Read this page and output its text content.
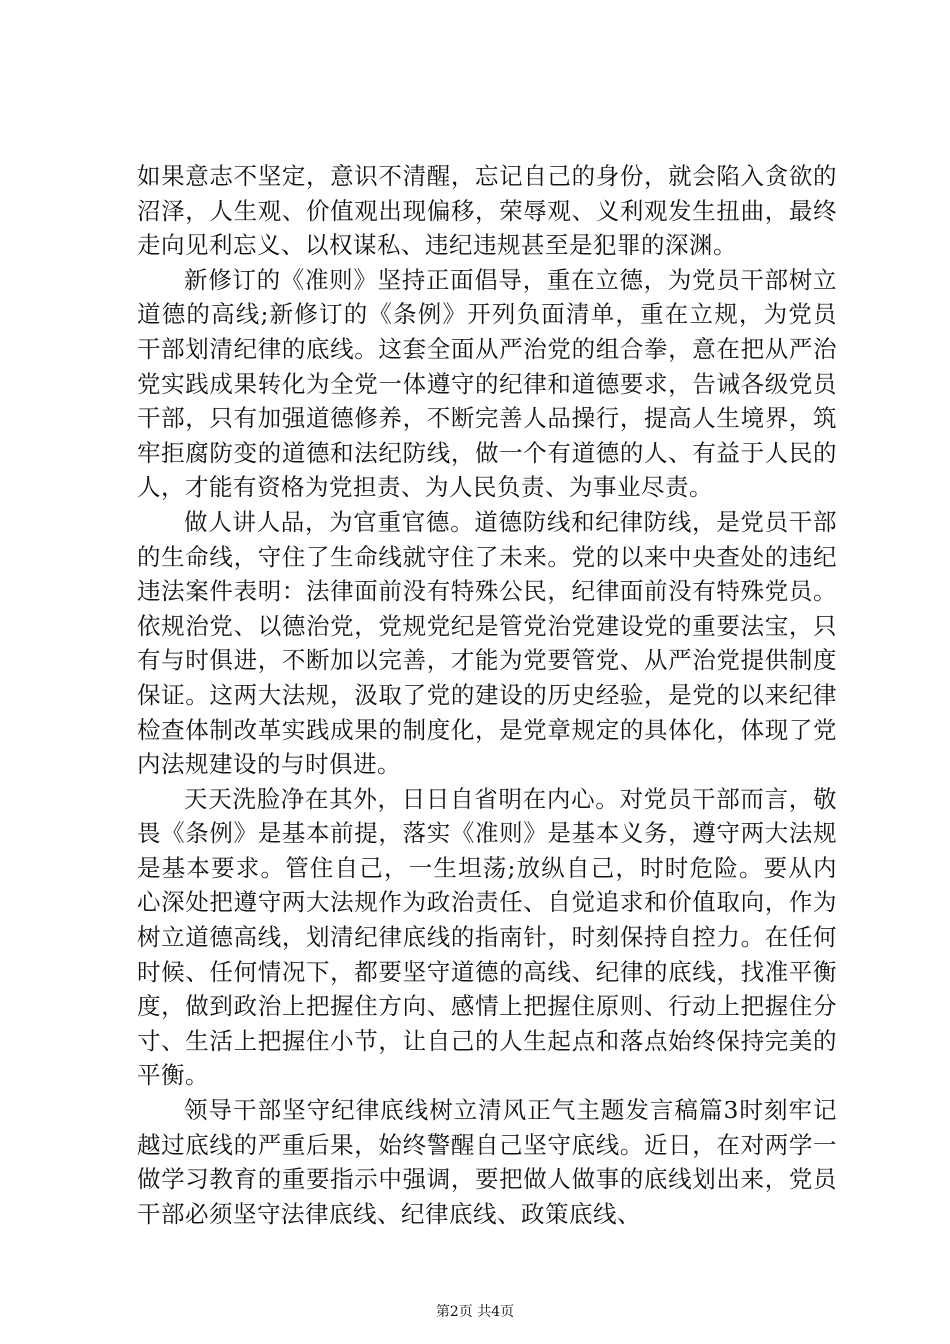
如果意志不坚定，意识不清醒，忘记自己的身份，就会陷入贪欲的沼泽，人生观、价值观出现偏移，荣辱观、义利观发生扭曲，最终走向见利忘义、以权谋私、违纪违规甚至是犯罪的深渊。

新修订的《准则》坚持正面倡导，重在立德，为党员干部树立道德的高线;新修订的《条例》开列负面清单，重在立规，为党员干部划清纪律的底线。这套全面从严治党的组合拳，意在把从严治党实践成果转化为全党一体遵守的纪律和道德要求，告诫各级党员干部，只有加强道德修养，不断完善人品操行，提高人生境界，筑牢拒腐防变的道德和法纪防线，做一个有道德的人、有益于人民的人，才能有资格为党担责、为人民负责、为事业尽责。

做人讲人品，为官重官德。道德防线和纪律防线，是党员干部的生命线，守住了生命线就守住了未来。党的以来中央查处的违纪违法案件表明：法律面前没有特殊公民，纪律面前没有特殊党员。依规治党、以德治党，党规党纪是管党治党建设党的重要法宝，只有与时俱进，不断加以完善，才能为党要管党、从严治党提供制度保证。这两大法规，汲取了党的建设的历史经验，是党的以来纪律检查体制改革实践成果的制度化，是党章规定的具体化，体现了党内法规建设的与时俱进。

天天洗脸净在其外，日日自省明在内心。对党员干部而言，敬畏《条例》是基本前提，落实《准则》是基本义务，遵守两大法规是基本要求。管住自己，一生坦荡;放纵自己，时时危险。要从内心深处把遵守两大法规作为政治责任、自觉追求和价值取向，作为树立道德高线，划清纪律底线的指南针，时刻保持自控力。在任何时候、任何情况下，都要坚守道德的高线、纪律的底线，找准平衡度，做到政治上把握住方向、感情上把握住原则、行动上把握住分寸、生活上把握住小节，让自己的人生起点和落点始终保持完美的平衡。

领导干部坚守纪律底线树立清风正气主题发言稿篇3时刻牢记越过底线的严重后果，始终警醒自己坚守底线。近日，在对两学一做学习教育的重要指示中强调，要把做人做事的底线划出来，党员干部必须坚守法律底线、纪律底线、政策底线、

第2页 共4页
